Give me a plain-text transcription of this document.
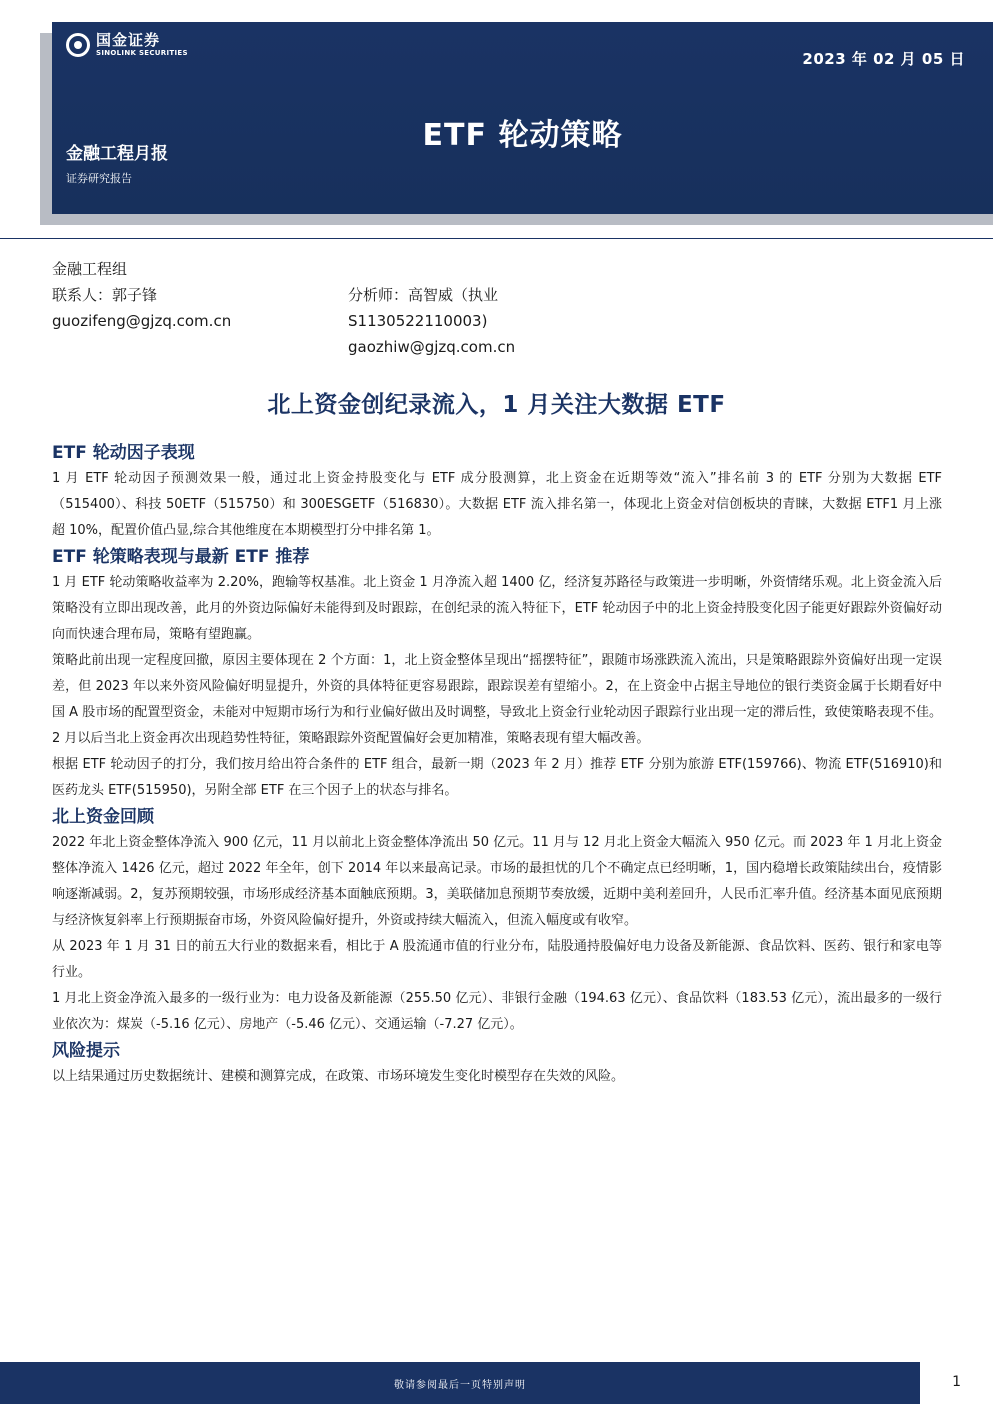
国金证券
SINOLINK SECURITIES	2023 年 02 月 05 日
ETF 轮动策略
金融工程月报
证券研究报告
金融工程组
联系人：郭子锋
guozifeng@gjzq.com.cn
分析师：高智威（执业
S1130522110003)
gaozhiw@gjzq.com.cn
北上资金创纪录流入，1 月关注大数据 ETF
ETF 轮动因子表现

1 月 ETF 轮动因子预测效果一般，通过北上资金持股变化与 ETF 成分股测算，北上资金在近期等效“流入”排名前 3 的 ETF 分别为大数据 ETF（515400）、科技 50ETF（515750）和 300ESGETF（516830）。大数据 ETF 流入排名第一，体现北上资金对信创板块的青睐，大数据 ETF1 月上涨超 10%，配置价值凸显,综合其他维度在本期模型打分中排名第 1。

ETF 轮策略表现与最新 ETF 推荐

1 月 ETF 轮动策略收益率为 2.20%，跑输等权基准。北上资金 1 月净流入超 1400 亿，经济复苏路径与政策进一步明晰，外资情绪乐观。北上资金流入后策略没有立即出现改善，此月的外资边际偏好未能得到及时跟踪，在创纪录的流入特征下，ETF 轮动因子中的北上资金持股变化因子能更好跟踪外资偏好动向而快速合理布局，策略有望跑赢。

策略此前出现一定程度回撤，原因主要体现在 2 个方面：1，北上资金整体呈现出“摇摆特征”，跟随市场涨跌流入流出，只是策略跟踪外资偏好出现一定误差，但 2023 年以来外资风险偏好明显提升，外资的具体特征更容易跟踪，跟踪误差有望缩小。2，在上资金中占据主导地位的银行类资金属于长期看好中国 A 股市场的配置型资金，未能对中短期市场行为和行业偏好做出及时调整，导致北上资金行业轮动因子跟踪行业出现一定的滞后性，致使策略表现不佳。2 月以后当北上资金再次出现趋势性特征，策略跟踪外资配置偏好会更加精准，策略表现有望大幅改善。

根据 ETF 轮动因子的打分，我们按月给出符合条件的 ETF 组合，最新一期（2023 年 2 月）推荐 ETF 分别为旅游 ETF(159766)、物流 ETF(516910)和医药龙头 ETF(515950)，另附全部 ETF 在三个因子上的状态与排名。

北上资金回顾

2022 年北上资金整体净流入 900 亿元，11 月以前北上资金整体净流出 50 亿元。11 月与 12 月北上资金大幅流入 950 亿元。而 2023 年 1 月北上资金整体净流入 1426 亿元，超过 2022 年全年，创下 2014 年以来最高记录。市场的最担忧的几个不确定点已经明晰，1，国内稳增长政策陆续出台，疫情影响逐渐减弱。2，复苏预期较强，市场形成经济基本面触底预期。3，美联储加息预期节奏放缓，近期中美利差回升，人民币汇率升值。经济基本面见底预期与经济恢复斜率上行预期振奋市场，外资风险偏好提升，外资或持续大幅流入，但流入幅度或有收窄。

从 2023 年 1 月 31 日的前五大行业的数据来看，相比于 A 股流通市值的行业分布，陆股通持股偏好电力设备及新能源、食品饮料、医药、银行和家电等行业。

1 月北上资金净流入最多的一级行业为：电力设备及新能源（255.50 亿元）、非银行金融（194.63 亿元）、食品饮料（183.53 亿元），流出最多的一级行业依次为：煤炭（-5.16 亿元）、房地产（-5.46 亿元）、交通运输（-7.27 亿元）。

风险提示

以上结果通过历史数据统计、建模和测算完成，在政策、市场环境发生变化时模型存在失效的风险。

敬请参阅最后一页特别声明	1
